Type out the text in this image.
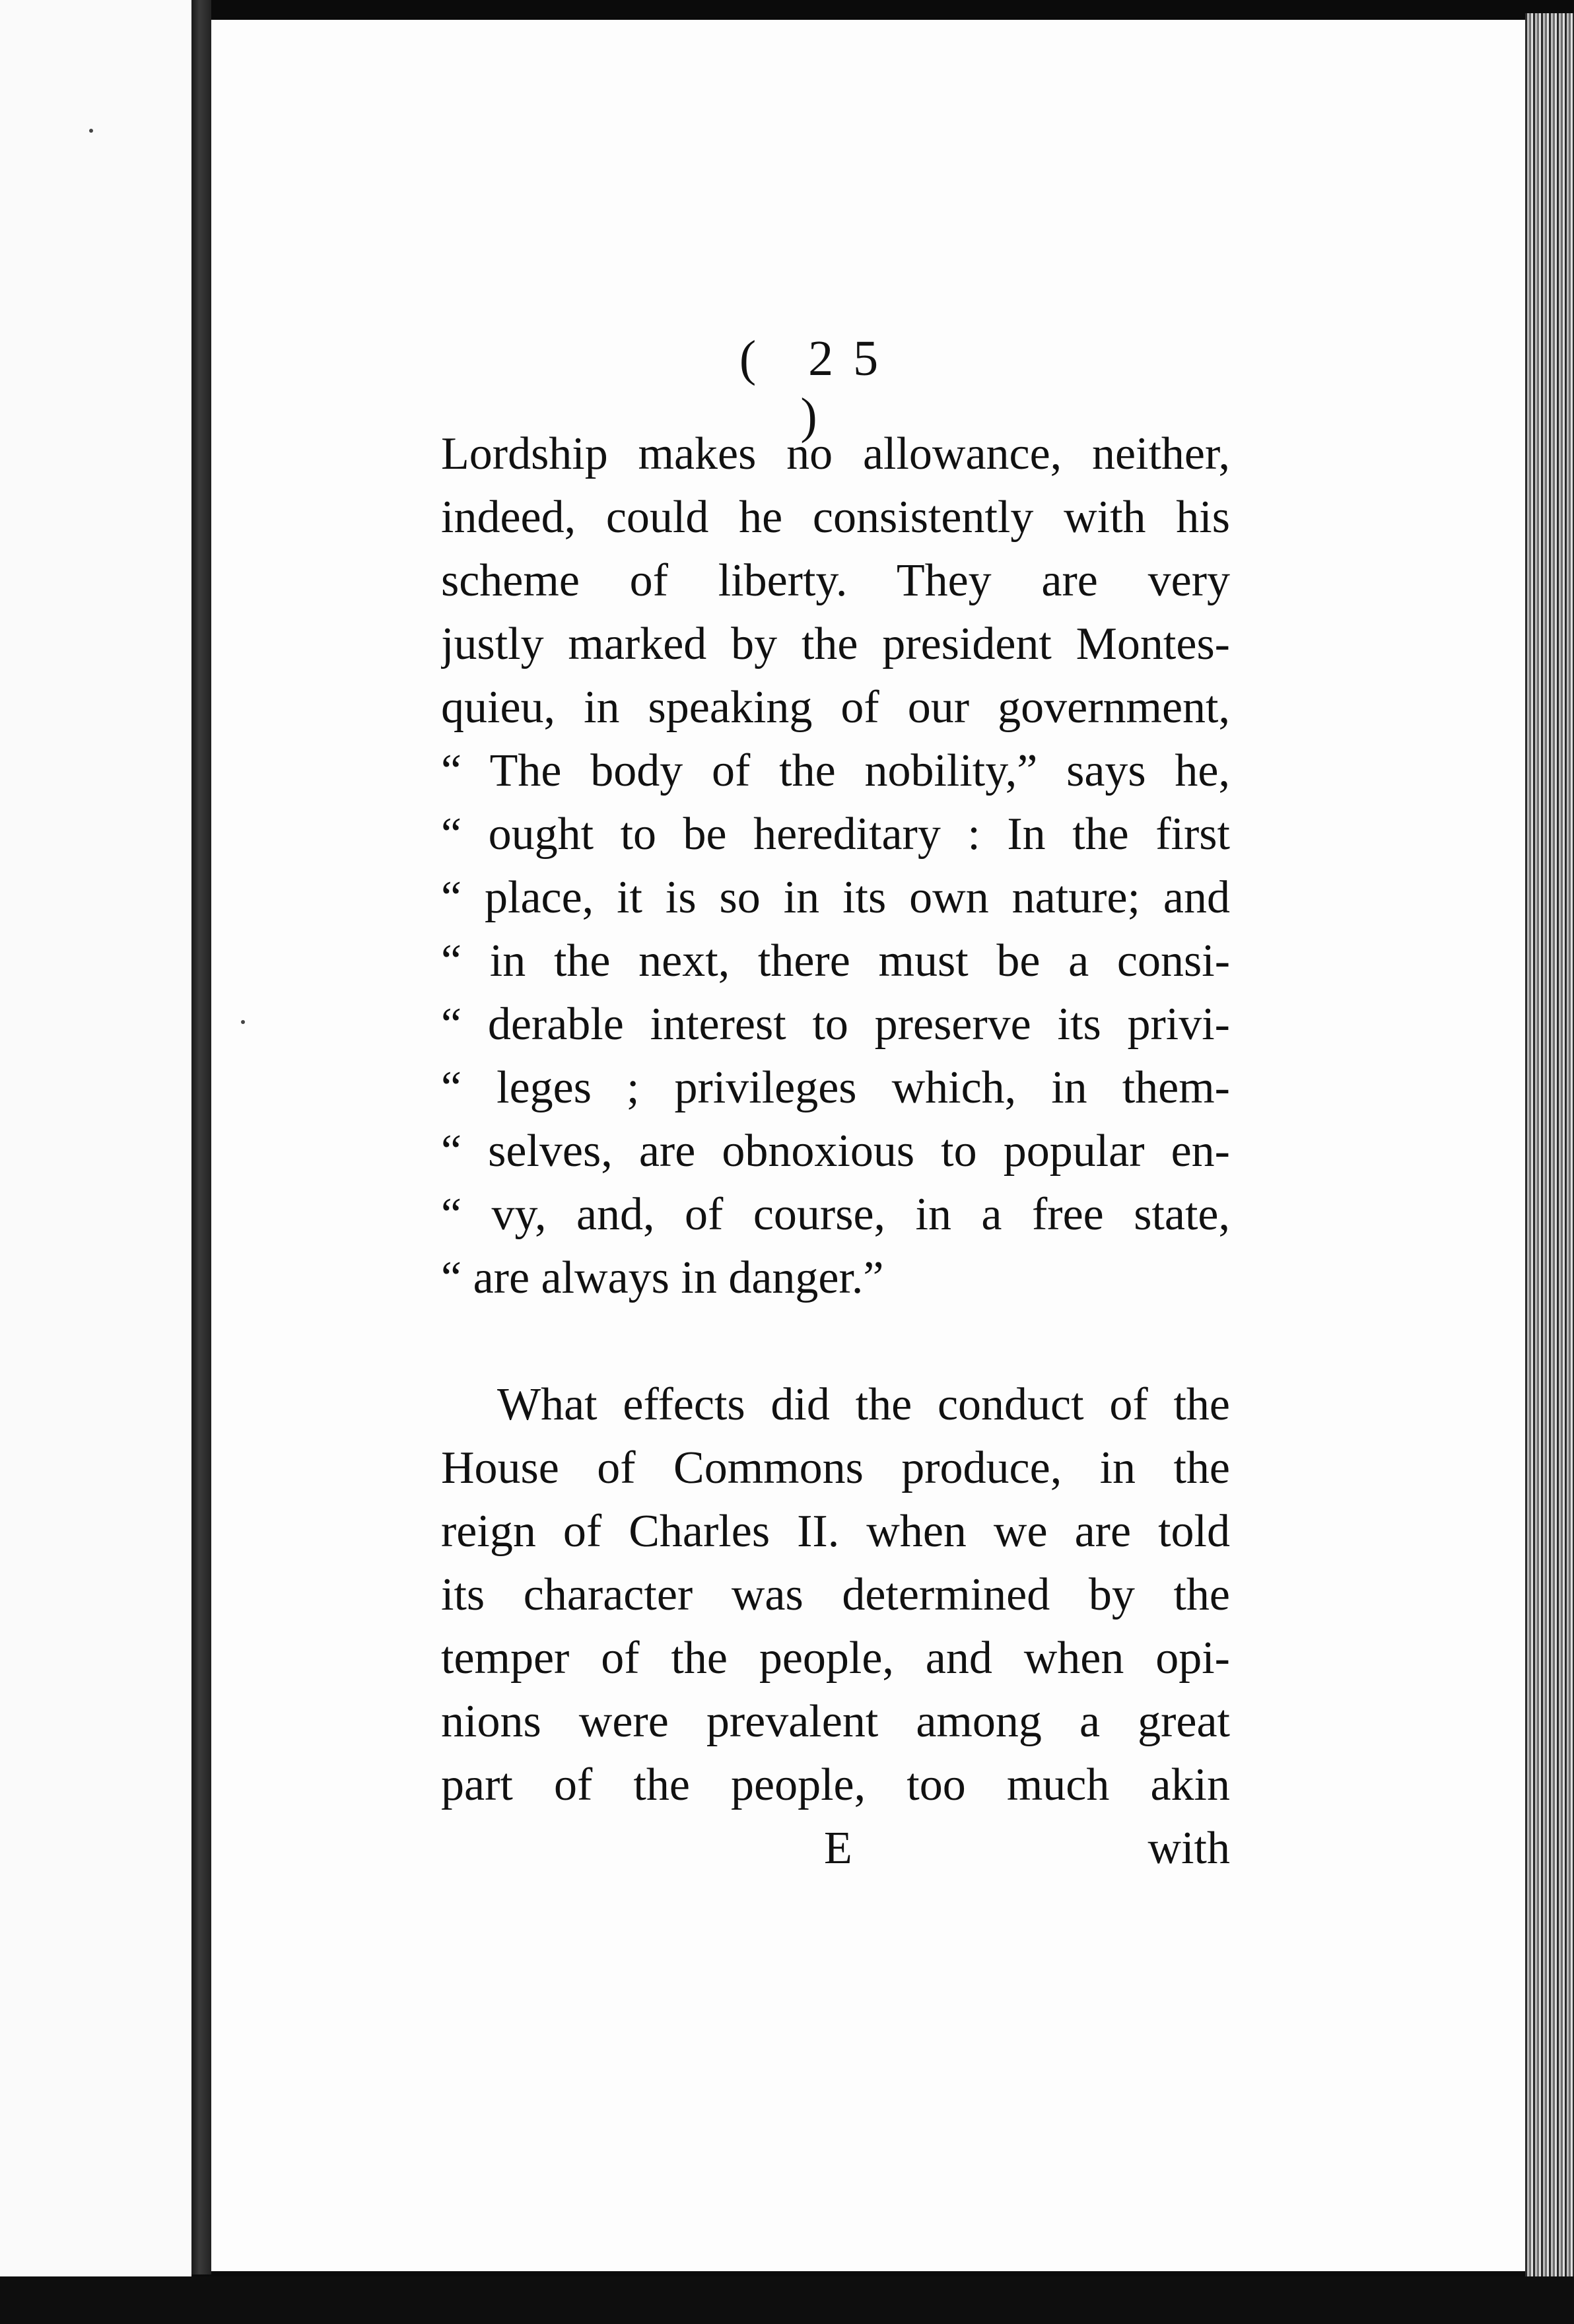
( 25 )
Lordship makes no allowance, neither,
indeed, could he consistently with his
scheme of liberty. They are very
justly marked by the president Montes-
quieu, in speaking of our government,
“ The body of the nobility,” says he,
“ ought to be hereditary : In the first
“ place, it is so in its own nature; and
“ in the next, there must be a consi-
“ derable interest to preserve its privi-
“ leges ; privileges which, in them-
“ selves, are obnoxious to popular en-
“ vy, and, of course, in a free state,
“ are always in danger.”
What effects did the conduct of the
House of Commons produce, in the
reign of Charles II. when we are told
its character was determined by the
temper of the people, and when opi-
nions were prevalent among a great
part of the people, too much akin
E	with
